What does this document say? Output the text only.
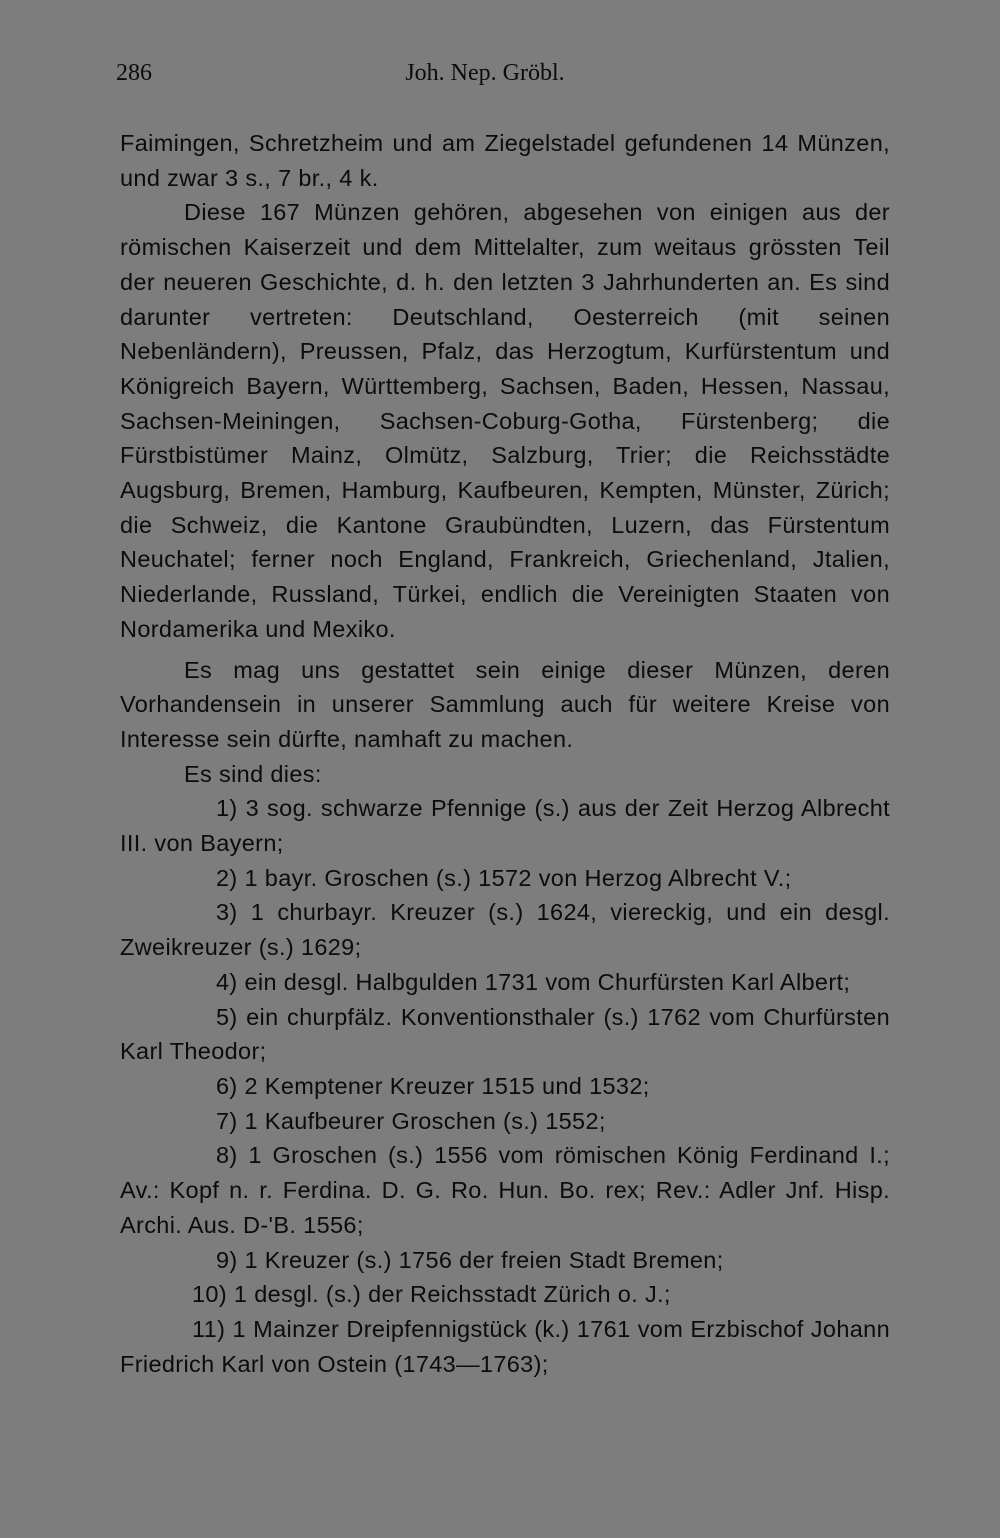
286	Joh. Nep. Gröbl.

Faimingen, Schretzheim und am Ziegelstadel gefundenen 14 Münzen, und zwar 3 s., 7 br., 4 k.

Diese 167 Münzen gehören, abgesehen von einigen aus der römischen Kaiserzeit und dem Mittelalter, zum weitaus grössten Teil der neueren Geschichte, d. h. den letzten 3 Jahrhunderten an. Es sind darunter vertreten: Deutschland, Oesterreich (mit seinen Nebenländern), Preussen, Pfalz, das Herzogtum, Kurfürstentum und Königreich Bayern, Württemberg, Sachsen, Baden, Hessen, Nassau, Sachsen-Meiningen, Sachsen-Coburg-Gotha, Fürstenberg; die Fürstbistümer Mainz, Olmütz, Salzburg, Trier; die Reichsstädte Augsburg, Bremen, Hamburg, Kaufbeuren, Kempten, Münster, Zürich; die Schweiz, die Kantone Graubündten, Luzern, das Fürstentum Neuchatel; ferner noch England, Frankreich, Griechenland, Jtalien, Niederlande, Russland, Türkei, endlich die Vereinigten Staaten von Nordamerika und Mexiko.

Es mag uns gestattet sein einige dieser Münzen, deren Vorhandensein in unserer Sammlung auch für weitere Kreise von Interesse sein dürfte, namhaft zu machen.

Es sind dies:

1) 3 sog. schwarze Pfennige (s.) aus der Zeit Herzog Albrecht III. von Bayern;

2) 1 bayr. Groschen (s.) 1572 von Herzog Albrecht V.;

3) 1 churbayr. Kreuzer (s.) 1624, viereckig, und ein desgl. Zweikreuzer (s.) 1629;

4) ein desgl. Halbgulden 1731 vom Churfürsten Karl Albert;

5) ein churpfälz. Konventionsthaler (s.) 1762 vom Churfürsten Karl Theodor;

6) 2 Kemptener Kreuzer 1515 und 1532;

7) 1 Kaufbeurer Groschen (s.) 1552;

8) 1 Groschen (s.) 1556 vom römischen König Ferdinand I.; Av.: Kopf n. r. Ferdina. D. G. Ro. Hun. Bo. rex; Rev.: Adler Jnf. Hisp. Archi. Aus. D-'B. 1556;

9) 1 Kreuzer (s.) 1756 der freien Stadt Bremen;

10) 1 desgl. (s.) der Reichsstadt Zürich o. J.;

11) 1 Mainzer Dreipfennigstück (k.) 1761 vom Erzbischof Johann Friedrich Karl von Ostein (1743—1763);
